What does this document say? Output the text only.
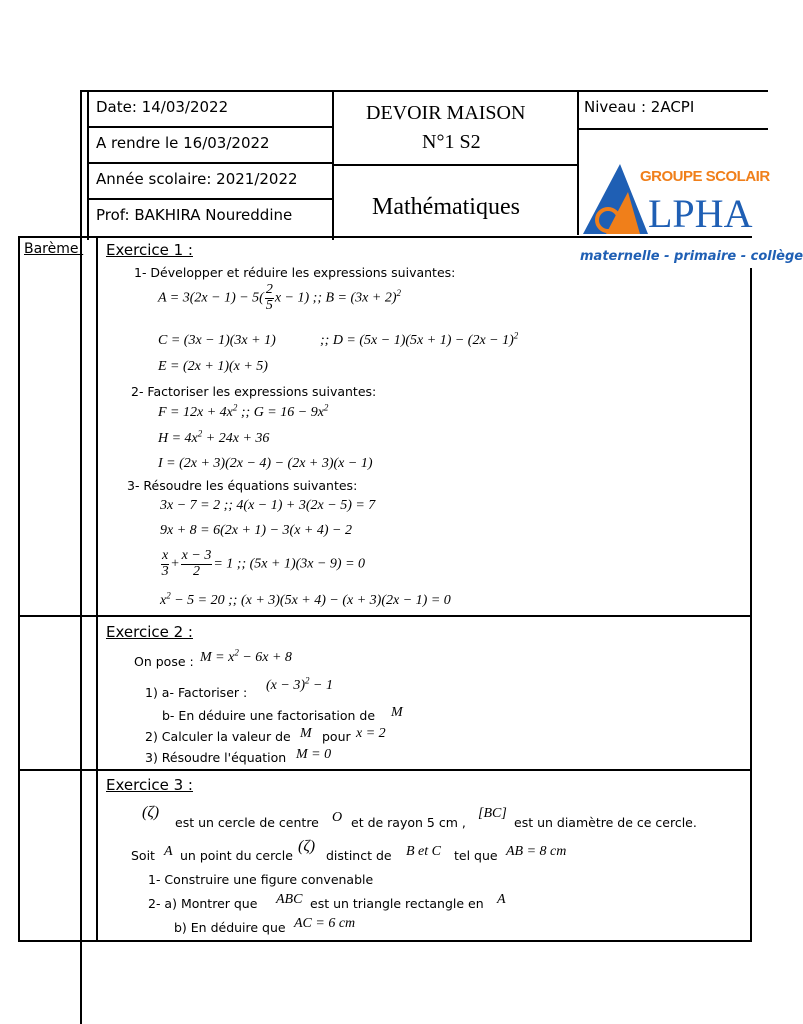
Date: 14/03/2022
A rendre le 16/03/2022
Année scolaire: 2021/2022
Prof: BAKHIRA Noureddine
DEVOIR MAISON
N°1 S2
Mathématiques
Niveau : 2ACPI
GROUPE SCOLAIR
LPHA
maternelle - primaire - collège
Barème: Exercice 1 :
1- Développer et réduire les expressions suivantes:
$A = 3(2x - 1) - 5( \frac{2}{5}$ x − 1) ;; $B = (3x + 2)^2$
C = (3x − 1)(3x + 1)	;; $D = (5x - 1)(5x + 1) - (2x - 1)^2$
E = (2x + 1)(x + 5)
2- Factoriser les expressions suivantes:
$F = 12x + 4x^2$ ;; $G = 16 - 9x^2$
$H = 4x^2 + 24x + 36$
I = (2x + 3)(2x − 4) − (2x + 3)(x − 1)
3- Résoudre les équations suivantes:
3x − 7 = 2 ;; 4(x − 1) + 3(2x − 5) = 7
9x + 8 = 6(2x + 1) − 3(x + 4) − 2
$\frac{x}{3} + \frac{x - 3}{2} = 1$ ;; (5x + 1)(3x − 9) = 0
$x^2 - 5 = 20$ ;; (x + 3)(5x + 4) − (x + 3)(2x − 1) = 0
Exercice 2 :
On pose : $M = x^2 - 6x + 8$
1) a- Factoriser : $(x - 3)^2 - 1$
b- En déduire une factorisation de M
2) Calculer la valeur de M pour x = 2
3) Résoudre l'équation M = 0
Exercice 3 :
(ζ)
est un cercle de centre O et de rayon 5 cm ,
[BC]
est un diamètre de ce cercle.
Soit A un point du cercle
(ζ)
distinct de B et C tel que AB = 8 cm
1- Construire une figure convenable
2- a) Montrer que ABC est un triangle rectangle en A
b) En déduire que AC = 6 cm
